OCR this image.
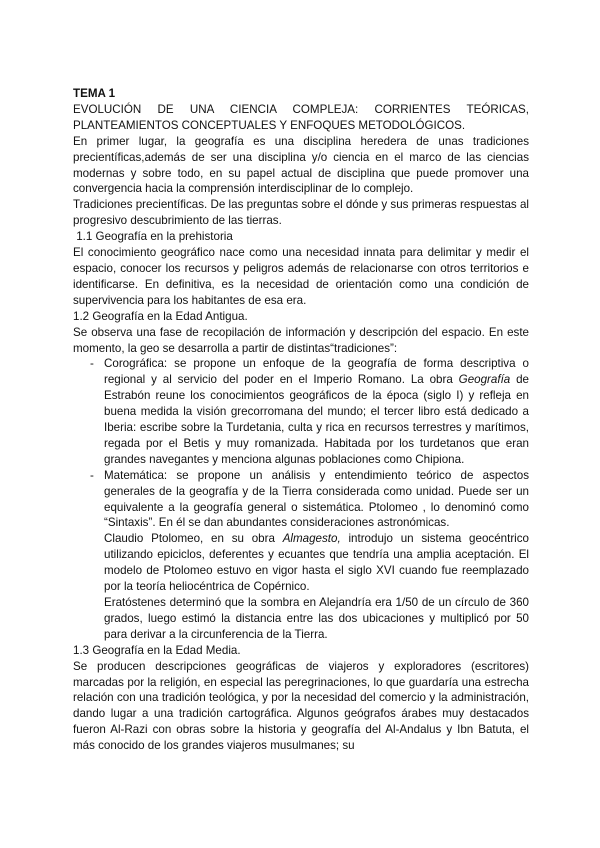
TEMA 1

EVOLUCIÓN DE UNA CIENCIA COMPLEJA: CORRIENTES TEÓRICAS, PLANTEAMIENTOS CONCEPTUALES Y ENFOQUES METODOLÓGICOS.

En primer lugar, la geografía es una disciplina heredera de unas tradiciones precientíficas,además de ser una disciplina y/o ciencia en el marco de las ciencias modernas y sobre todo, en su papel actual de disciplina que puede promover una convergencia hacia la comprensión interdisciplinar de lo complejo.

Tradiciones precientíficas. De las preguntas sobre el dónde y sus primeras respuestas al progresivo descubrimiento de las tierras.

1.1 Geografía en la prehistoria

El conocimiento geográfico nace como una necesidad innata para delimitar y medir el espacio, conocer los recursos y peligros además de relacionarse con otros territorios e identificarse. En definitiva, es la necesidad de orientación como una condición de supervivencia para los habitantes de esa era.

1.2 Geografía en la Edad Antigua.

Se observa una fase de recopilación de información y descripción del espacio. En este momento, la geo se desarrolla a partir de distintas“tradiciones”:

- Corográfica: se propone un enfoque de la geografía de forma descriptiva o regional y al servicio del poder en el Imperio Romano. La obra Geografía de Estrabón reune los conocimientos geográficos de la época (siglo I) y refleja en buena medida la visión grecorromana del mundo; el tercer libro está dedicado a Iberia: escribe sobre la Turdetania, culta y rica en recursos terrestres y marítimos, regada por el Betis y muy romanizada. Habitada por los turdetanos que eran grandes navegantes y menciona algunas poblaciones como Chipiona.

- Matemática: se propone un análisis y entendimiento teórico de aspectos generales de la geografía y de la Tierra considerada como unidad. Puede ser un equivalente a la geografía general o sistemática. Ptolomeo , lo denominó como “Sintaxis”. En él se dan abundantes consideraciones astronómicas.

Claudio Ptolomeo, en su obra Almagesto, introdujo un sistema geocéntrico utilizando epiciclos, deferentes y ecuantes que tendría una amplia aceptación. El modelo de Ptolomeo estuvo en vigor hasta el siglo XVI cuando fue reemplazado por la teoría heliocéntrica de Copérnico.

Eratóstenes determinó que la sombra en Alejandría era 1/50 de un círculo de 360 grados, luego estimó la distancia entre las dos ubicaciones y multiplicó por 50 para derivar a la circunferencia de la Tierra.

1.3 Geografía en la Edad Media.

Se producen descripciones geográficas de viajeros y exploradores (escritores) marcadas por la religión, en especial las peregrinaciones, lo que guardaría una estrecha relación con una tradición teológica, y por la necesidad del comercio y la administración, dando lugar a una tradición cartográfica. Algunos geógrafos árabes muy destacados fueron Al-Razi con obras sobre la historia y geografía del Al-Andalus y Ibn Batuta, el más conocido de los grandes viajeros musulmanes; su
